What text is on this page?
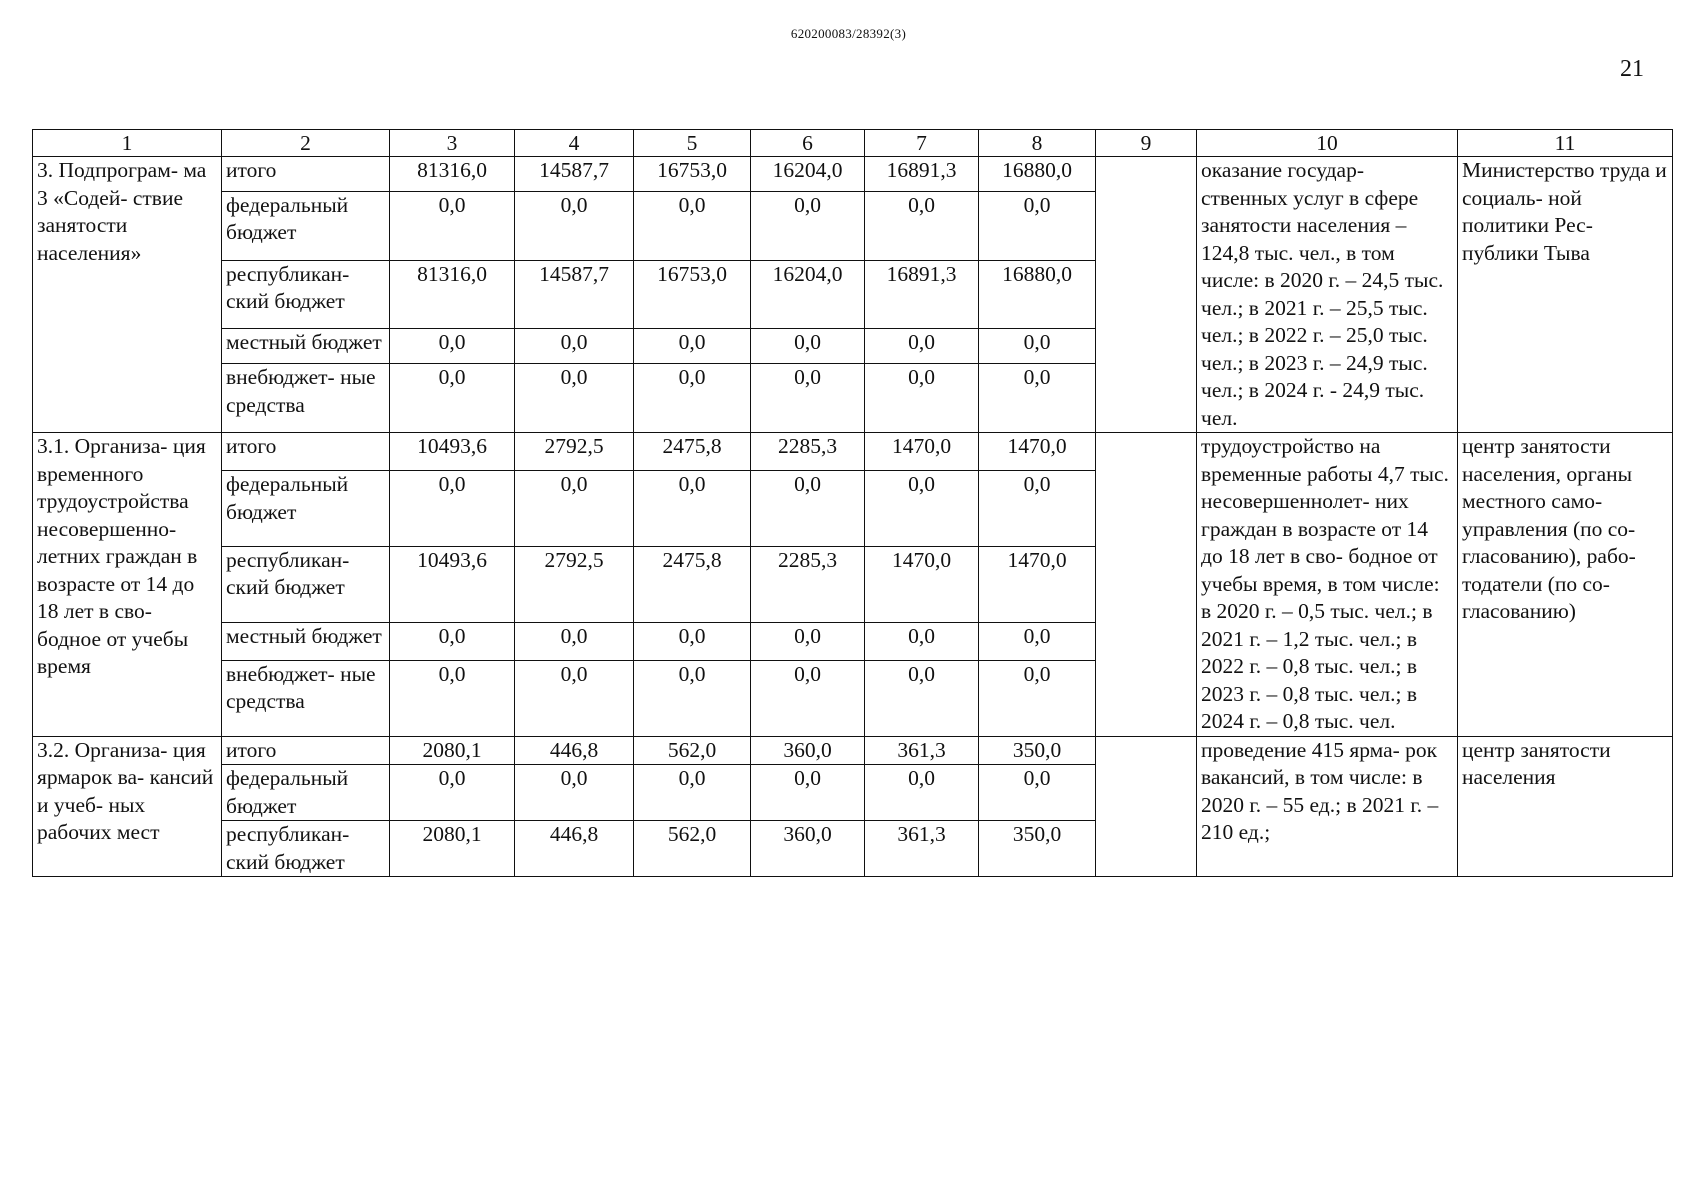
620200083/28392(3)
21
1	2	3	4	5	6	7	8	9	10	11
3. Подпрограм- ма 3 «Содей- ствие занятости населения»	итого	81316,0	14587,7	16753,0	16204,0	16891,3	16880,0		оказание государ- ственных услуг в сфере занятости населения – 124,8 тыс. чел., в том числе: в 2020 г. – 24,5 тыс. чел.; в 2021 г. – 25,5 тыс. чел.; в 2022 г. – 25,0 тыс. чел.; в 2023 г. – 24,9 тыс. чел.; в 2024 г. - 24,9 тыс. чел.	Министерство труда и социаль- ной политики Рес- публики Тыва
	федеральный бюджет	0,0	0,0	0,0	0,0	0,0	0,0			
	республикан- ский бюджет	81316,0	14587,7	16753,0	16204,0	16891,3	16880,0			
	местный бюджет	0,0	0,0	0,0	0,0	0,0	0,0			
	внебюджет- ные средства	0,0	0,0	0,0	0,0	0,0	0,0			
3.1. Организа- ция временного трудоустройства несовершенно- летних граждан в возрасте от 14 до 18 лет в сво- бодное от учебы время	итого	10493,6	2792,5	2475,8	2285,3	1470,0	1470,0		трудоустройство на временные работы 4,7 тыс. несовершеннолет- них граждан в возрасте от 14 до 18 лет в сво- бодное от учебы время, в том числе: в 2020 г. – 0,5 тыс. чел.; в 2021 г. – 1,2 тыс. чел.; в 2022 г. – 0,8 тыс. чел.; в 2023 г. – 0,8 тыс. чел.; в 2024 г. – 0,8 тыс. чел.	центр занятости населения, органы местного само- управления (по со- гласованию), рабо- тодатели (по со- гласованию)
	федеральный бюджет	0,0	0,0	0,0	0,0	0,0	0,0			
	республикан- ский бюджет	10493,6	2792,5	2475,8	2285,3	1470,0	1470,0			
	местный бюджет	0,0	0,0	0,0	0,0	0,0	0,0			
	внебюджет- ные средства	0,0	0,0	0,0	0,0	0,0	0,0			
3.2. Организа- ция ярмарок ва- кансий и учеб- ных рабочих мест	итого	2080,1	446,8	562,0	360,0	361,3	350,0		проведение 415 ярма- рок вакансий, в том числе: в 2020 г. – 55 ед.; в 2021 г. – 210 ед.;	центр занятости населения
	федеральный бюджет	0,0	0,0	0,0	0,0	0,0	0,0			
	республикан- ский бюджет	2080,1	446,8	562,0	360,0	361,3	350,0			
